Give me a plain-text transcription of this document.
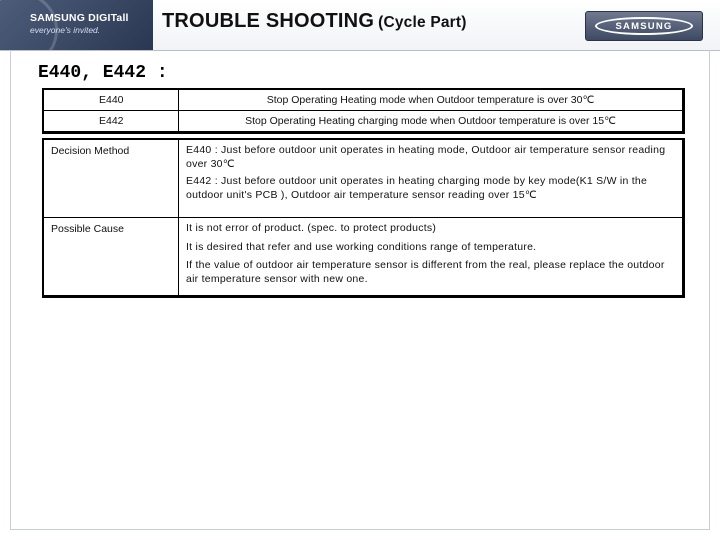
SAMSUNG DIGITall
everyone's invited.	TROUBLE SHOOTING (Cycle Part)	SAMSUNG
E440, E442 :
E440	Stop Operating Heating mode when Outdoor temperature is over 30℃
E442	Stop Operating Heating charging mode when Outdoor temperature is over 15℃
Decision Method	E440 : Just before outdoor unit operates in heating mode, Outdoor air temperature sensor reading over 30℃

E442 : Just before outdoor unit operates in heating charging mode by key mode(K1 S/W in the outdoor unit's PCB ), Outdoor air temperature sensor reading over 15℃

Possible Cause	It is not error of product. (spec. to protect products)

It is desired that refer and use working conditions range of temperature.

If the value of outdoor air temperature sensor is different from the real, please replace the outdoor air temperature sensor with new one.
